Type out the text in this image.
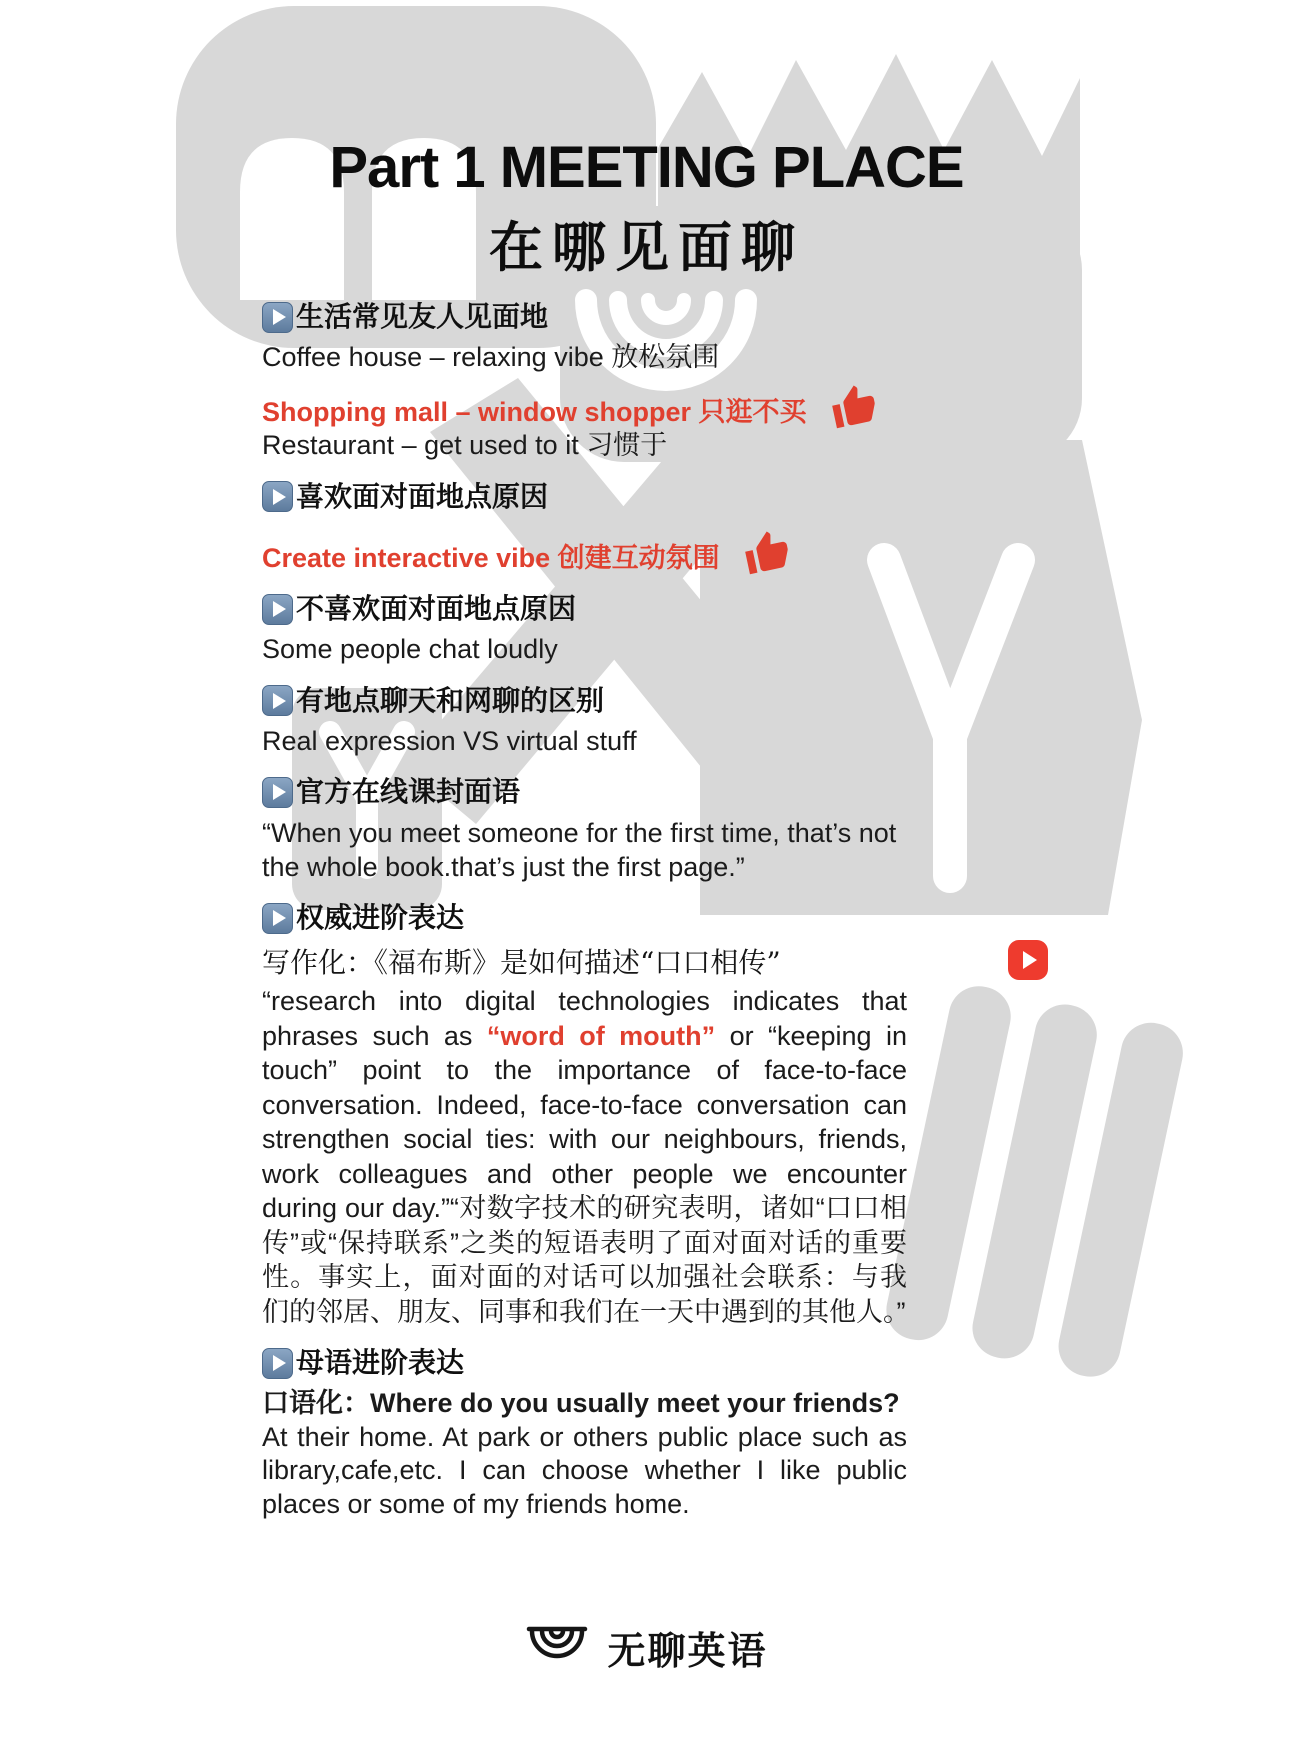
Part 1 MEETING PLACE
在哪见面聊
生活常见友人见面地

Coffee house – relaxing vibe 放松氛围

Shopping mall – window shopper 只逛不买

Restaurant – get used to it 习惯于

喜欢面对面地点原因

Create interactive vibe 创建互动氛围

不喜欢面对面地点原因

Some people chat loudly

有地点聊天和网聊的区别

Real expression VS virtual stuff

官方在线课封面语

“When you meet someone for the first time, that’s not the whole book.that’s just the first page.”

权威进阶表达

写作化：《福布斯》是如何描述“口口相传”

“research into digital technologies indicates that phrases such as “word of mouth” or “keeping in touch” point to the importance of face-to-face conversation. Indeed, face-to-face conversation can strengthen social ties: with our neighbours, friends, work colleagues and other people we encounter during our day.”“对数字技术的研究表明，诸如“口口相传”或“保持联系”之类的短语表明了面对面对话的重要性。事实上，面对面的对话可以加强社会联系：与我们的邻居、朋友、同事和我们在一天中遇到的其他人。”

母语进阶表达

口语化：Where do you usually meet your friends?

At their home. At park or others public place such as library,cafe,etc. I can choose whether I like public places or some of my friends home.

无聊英语
